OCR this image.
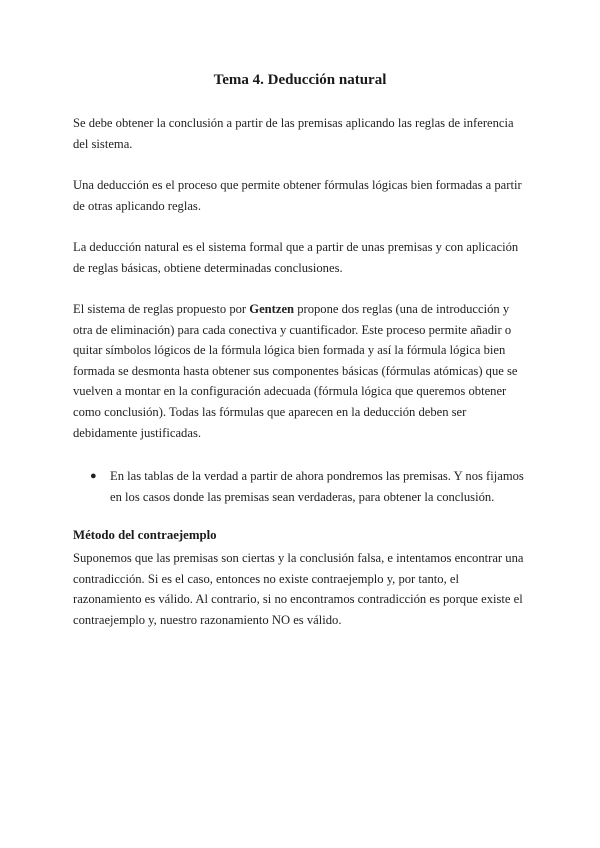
Tema 4. Deducción natural

Se debe obtener la conclusión a partir de las premisas aplicando las reglas de inferencia del sistema.

Una deducción es el proceso que permite obtener fórmulas lógicas bien formadas a partir de otras aplicando reglas.

La deducción natural es el sistema formal que a partir de unas premisas y con aplicación de reglas básicas, obtiene determinadas conclusiones.

El sistema de reglas propuesto por Gentzen propone dos reglas (una de introducción y otra de eliminación) para cada conectiva y cuantificador. Este proceso permite añadir o quitar símbolos lógicos de la fórmula lógica bien formada y así la fórmula lógica bien formada se desmonta hasta obtener sus componentes básicas (fórmulas atómicas) que se vuelven a montar en la configuración adecuada (fórmula lógica que queremos obtener como conclusión). Todas las fórmulas que aparecen en la deducción deben ser debidamente justificadas.

●	En las tablas de la verdad a partir de ahora pondremos las premisas. Y nos fijamos en los casos donde las premisas sean verdaderas, para obtener la conclusión.
Método del contraejemplo

Suponemos que las premisas son ciertas y la conclusión falsa, e intentamos encontrar una contradicción. Si es el caso, entonces no existe contraejemplo y, por tanto, el razonamiento es válido. Al contrario, si no encontramos contradicción es porque existe el contraejemplo y, nuestro razonamiento NO es válido.
